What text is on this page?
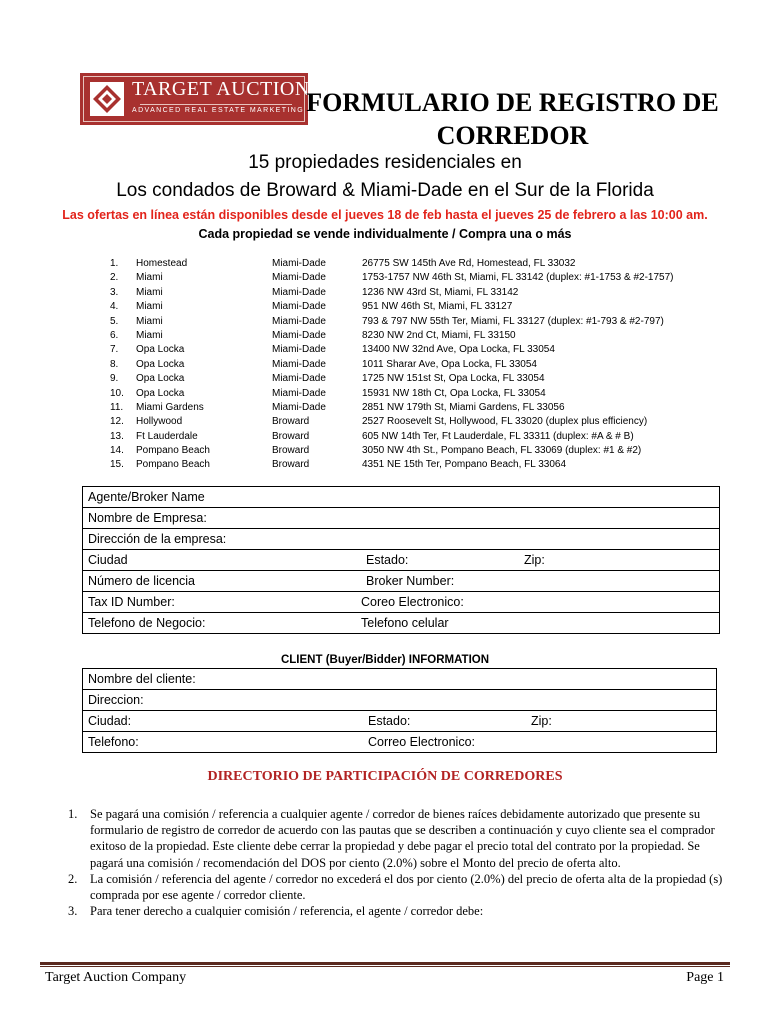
TARGET AUCTION
ADVANCED REAL ESTATE MARKETING FORMULARIO DE REGISTRO DE CORREDOR
15 propiedades residenciales en
Los condados de Broward & Miami-Dade en el Sur de la Florida
Las ofertas en línea están disponibles desde el jueves 18 de feb hasta el jueves 25 de febrero a las 10:00 am.
Cada propiedad se vende individualmente / Compra una o más
1.	Homestead	Miami-Dade	26775 SW 145th Ave Rd, Homestead, FL 33032
2.	Miami	Miami-Dade	1753-1757 NW 46th St, Miami, FL 33142 (duplex: #1-1753 & #2-1757)
3.	Miami	Miami-Dade	1236 NW 43rd St, Miami, FL 33142
4.	Miami	Miami-Dade	951 NW 46th St, Miami, FL 33127
5.	Miami	Miami-Dade	793 & 797 NW 55th Ter, Miami, FL 33127 (duplex: #1-793 & #2-797)
6.	Miami	Miami-Dade	8230 NW 2nd Ct, Miami, FL 33150
7.	Opa Locka	Miami-Dade	13400 NW 32nd Ave, Opa Locka, FL 33054
8.	Opa Locka	Miami-Dade	1011 Sharar Ave, Opa Locka, FL 33054
9.	Opa Locka	Miami-Dade	1725 NW 151st St, Opa Locka, FL 33054
10.	Opa Locka	Miami-Dade	15931 NW 18th Ct, Opa Locka, FL 33054
11.	Miami Gardens	Miami-Dade	2851 NW 179th St, Miami Gardens, FL 33056
12.	Hollywood	Broward	2527 Roosevelt St, Hollywood, FL 33020 (duplex plus efficiency)
13.	Ft Lauderdale	Broward	605 NW 14th Ter, Ft Lauderdale, FL 33311 (duplex: #A & # B)
14.	Pompano Beach	Broward	3050 NW 4th St., Pompano Beach, FL 33069 (duplex: #1 & #2)
15.	Pompano Beach	Broward	4351 NE 15th Ter, Pompano Beach, FL 33064
Agente/Broker Name

Nombre de Empresa:

Dirección de la empresa:

Ciudad	Estado:	Zip:

Número de licencia	Broker Number:

Tax ID Number:	Coreo Electronico:

Telefono de Negocio:	Telefono celular
CLIENT (Buyer/Bidder) INFORMATION
Nombre del cliente:

Direccion:

Ciudad:	Estado:	Zip:

Telefono:	Correo Electronico:
DIRECTORIO DE PARTICIPACIÓN DE CORREDORES
1. Se pagará una comisión / referencia a cualquier agente / corredor de bienes raíces debidamente autorizado que presente su formulario de registro de corredor de acuerdo con las pautas que se describen a continuación y cuyo cliente sea el comprador exitoso de la propiedad. Este cliente debe cerrar la propiedad y debe pagar el precio total del contrato por la propiedad. Se pagará una comisión / recomendación del DOS por ciento (2.0%) sobre el Monto del precio de oferta alto.
2. La comisión / referencia del agente / corredor no excederá el dos por ciento (2.0%) del precio de oferta alta de la propiedad (s) comprada por ese agente / corredor cliente.
3. Para tener derecho a cualquier comisión / referencia, el agente / corredor debe:
Target Auction Company	Page 1
